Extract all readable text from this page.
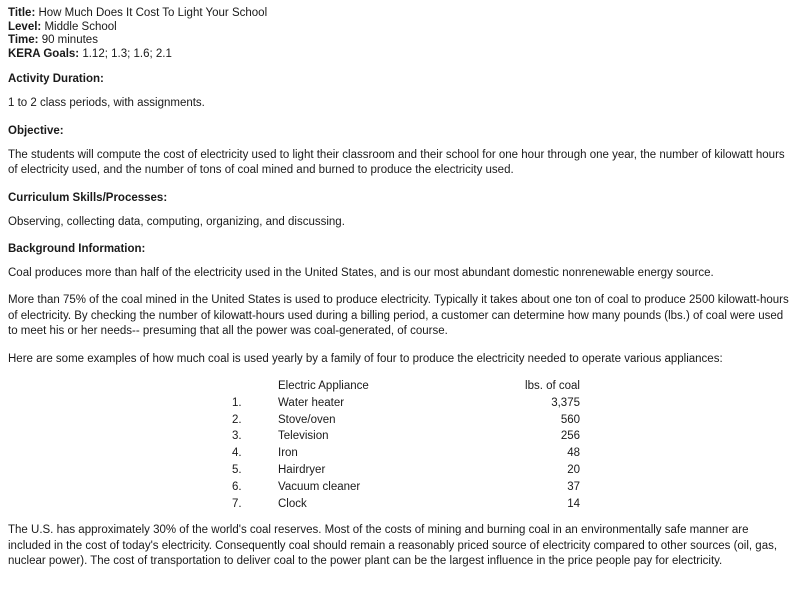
Title: How Much Does It Cost To Light Your School
Level: Middle School
Time: 90 minutes
KERA Goals: 1.12; 1.3; 1.6; 2.1
Activity Duration:

1 to 2 class periods, with assignments.

Objective:

The students will compute the cost of electricity used to light their classroom and their school for one hour through one year, the number of kilowatt hours of electricity used, and the number of tons of coal mined and burned to produce the electricity used.

Curriculum Skills/Processes:

Observing, collecting data, computing, organizing, and discussing.

Background Information:

Coal produces more than half of the electricity used in the United States, and is our most abundant domestic nonrenewable energy source.

More than 75% of the coal mined in the United States is used to produce electricity. Typically it takes about one ton of coal to produce 2500 kilowatt-hours of electricity. By checking the number of kilowatt-hours used during a billing period, a customer can determine how many pounds (lbs.) of coal were used to meet his or her needs-- presuming that all the power was coal-generated, of course.

Here are some examples of how much coal is used yearly by a family of four to produce the electricity needed to operate various appliances:

	Electric Appliance	lbs. of coal
1.	Water heater	3,375
2.	Stove/oven	560
3.	Television	256
4.	Iron	48
5.	Hairdryer	20
6.	Vacuum cleaner	37
7.	Clock	14

The U.S. has approximately 30% of the world's coal reserves. Most of the costs of mining and burning coal in an environmentally safe manner are included in the cost of today's electricity. Consequently coal should remain a reasonably priced source of electricity compared to other sources (oil, gas, nuclear power). The cost of transportation to deliver coal to the power plant can be the largest influence in the price people pay for electricity.
